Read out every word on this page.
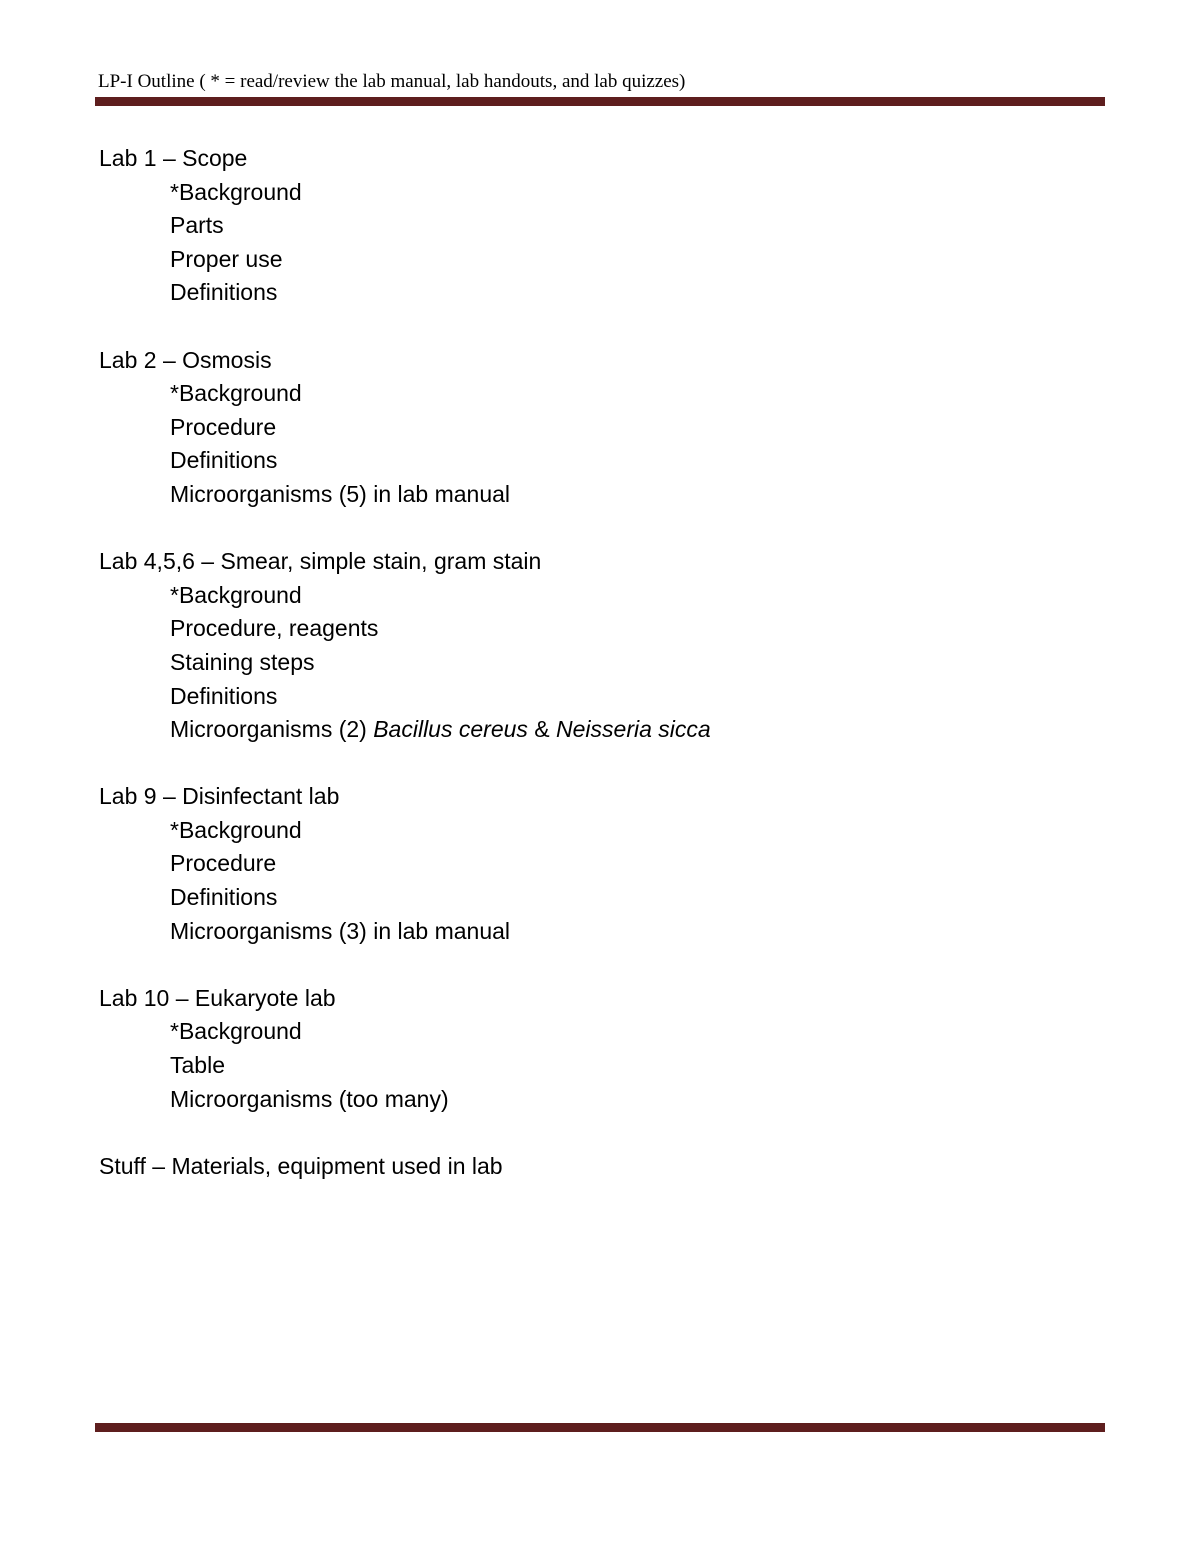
LP-I Outline ( * = read/review the lab manual, lab handouts, and lab quizzes)
Lab 1 – Scope
*Background
Parts
Proper use
Definitions
Lab 2 – Osmosis
*Background
Procedure
Definitions
Microorganisms (5) in lab manual
Lab 4,5,6 – Smear, simple stain, gram stain
*Background
Procedure, reagents
Staining steps
Definitions
Microorganisms (2) Bacillus cereus & Neisseria sicca
Lab 9 – Disinfectant lab
*Background
Procedure
Definitions
Microorganisms (3) in lab manual
Lab 10 – Eukaryote lab
*Background
Table
Microorganisms (too many)
Stuff – Materials, equipment used in lab
